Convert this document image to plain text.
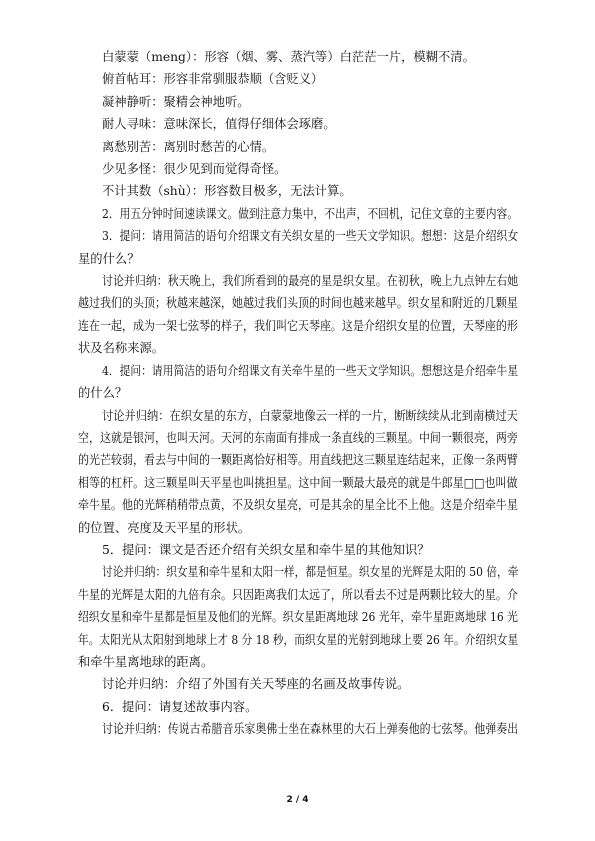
白蒙蒙（meng）：形容（烟、雾、蒸汽等）白茫茫一片，模糊不清。

俯首帖耳：形容非常驯服恭顺（含贬义）

凝神静听：聚精会神地听。

耐人寻味：意味深长，值得仔细体会琢磨。

离愁别苦：离别时愁苦的心情。

少见多怪：很少见到而觉得奇怪。

不计其数（shù）：形容数目极多，无法计算。

2．用五分钟时间速读课文。做到注意力集中，不出声，不回机，记住文章的主要内容。

3．提问：请用简洁的语句介绍课文有关织女星的一些天文学知识。想想：这是介绍织女

星的什么？

讨论并归纳：秋天晚上，我们所看到的最亮的星是织女星。在初秋，晚上九点钟左右她

越过我们的头顶；秋越来越深，她越过我们头顶的时间也越来越早。织女星和附近的几颗星

连在一起，成为一架七弦琴的样子，我们叫它天琴座。这是介绍织女星的位置，天琴座的形

状及名称来源。

4．提问：请用简洁的语句介绍课文有关牵牛星的一些天文学知识。想想这是介绍牵牛星

的什么？

讨论并归纳：在织女星的东方，白蒙蒙地像云一样的一片，断断续续从北到南横过天

空，这就是银河，也叫天河。天河的东南面有排成一条直线的三颗星。中间一颗很亮，两旁

的光芒较弱，看去与中间的一颗距离恰好相等。用直线把这三颗星连结起来，正像一条两臂

相等的杠杆。这三颗星叫天平星也叫挑担星。这中间一颗最大最亮的就是牛郎星□□也叫做

牵牛星。他的光辉稍稍带点黄，不及织女星亮，可是其余的星全比不上他。这是介绍牵牛星

的位置、亮度及天平星的形状。

5．提问：课文是否还介绍有关织女星和牵牛星的其他知识？

讨论并归纳：织女星和牵牛星和太阳一样，都是恒星。织女星的光辉是太阳的 50 倍，牵

牛星的光辉是太阳的九倍有余。只因距离我们太远了，所以看去不过是两颗比较大的星。介

绍织女星和牵牛星都是恒星及他们的光辉。织女星距离地球 26 光年，牵牛星距离地球 16 光

年。太阳光从太阳射到地球上才 8 分 18 秒，而织女星的光射到地球上要 26 年。介绍织女星

和牵牛星离地球的距离。

讨论并归纳：介绍了外国有关天琴座的名画及故事传说。

6．提问：请复述故事内容。

讨论并归纳：传说古希腊音乐家奥佛士坐在森林里的大石上弹奏他的七弦琴。他弹奏出

2 / 4
